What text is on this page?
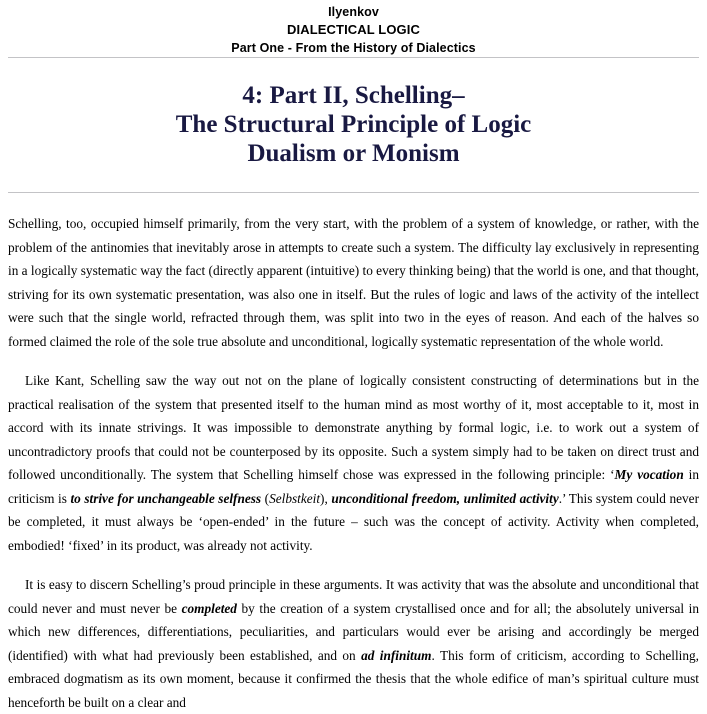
Ilyenkov
DIALECTICAL LOGIC
Part One - From the History of Dialectics
4: Part II, Schelling–
The Structural Principle of Logic
Dualism or Monism

Schelling, too, occupied himself primarily, from the very start, with the problem of a system of knowledge, or rather, with the problem of the antinomies that inevitably arose in attempts to create such a system. The difficulty lay exclusively in representing in a logically systematic way the fact (directly apparent (intuitive) to every thinking being) that the world is one, and that thought, striving for its own systematic presentation, was also one in itself. But the rules of logic and laws of the activity of the intellect were such that the single world, refracted through them, was split into two in the eyes of reason. And each of the halves so formed claimed the role of the sole true absolute and unconditional, logically systematic representation of the whole world.

Like Kant, Schelling saw the way out not on the plane of logically consistent constructing of determinations but in the practical realisation of the system that presented itself to the human mind as most worthy of it, most acceptable to it, most in accord with its innate strivings. It was impossible to demonstrate anything by formal logic, i.e. to work out a system of uncontradictory proofs that could not be counterposed by its opposite. Such a system simply had to be taken on direct trust and followed unconditionally. The system that Schelling himself chose was expressed in the following principle: ‘My vocation in criticism is to strive for unchangeable selfness (Selbstkeit), unconditional freedom, unlimited activity.’ This system could never be completed, it must always be ‘open-ended’ in the future – such was the concept of activity. Activity when completed, embodied! ‘fixed’ in its product, was already not activity.

It is easy to discern Schelling’s proud principle in these arguments. It was activity that was the absolute and unconditional that could never and must never be completed by the creation of a system crystallised once and for all; the absolutely universal in which new differences, differentiations, peculiarities, and particulars would ever be arising and accordingly be merged (identified) with what had previously been established, and on ad infinitum. This form of criticism, according to Schelling, embraced dogmatism as its own moment, because it confirmed the thesis that the whole edifice of man’s spiritual culture must henceforth be built on a clear and
